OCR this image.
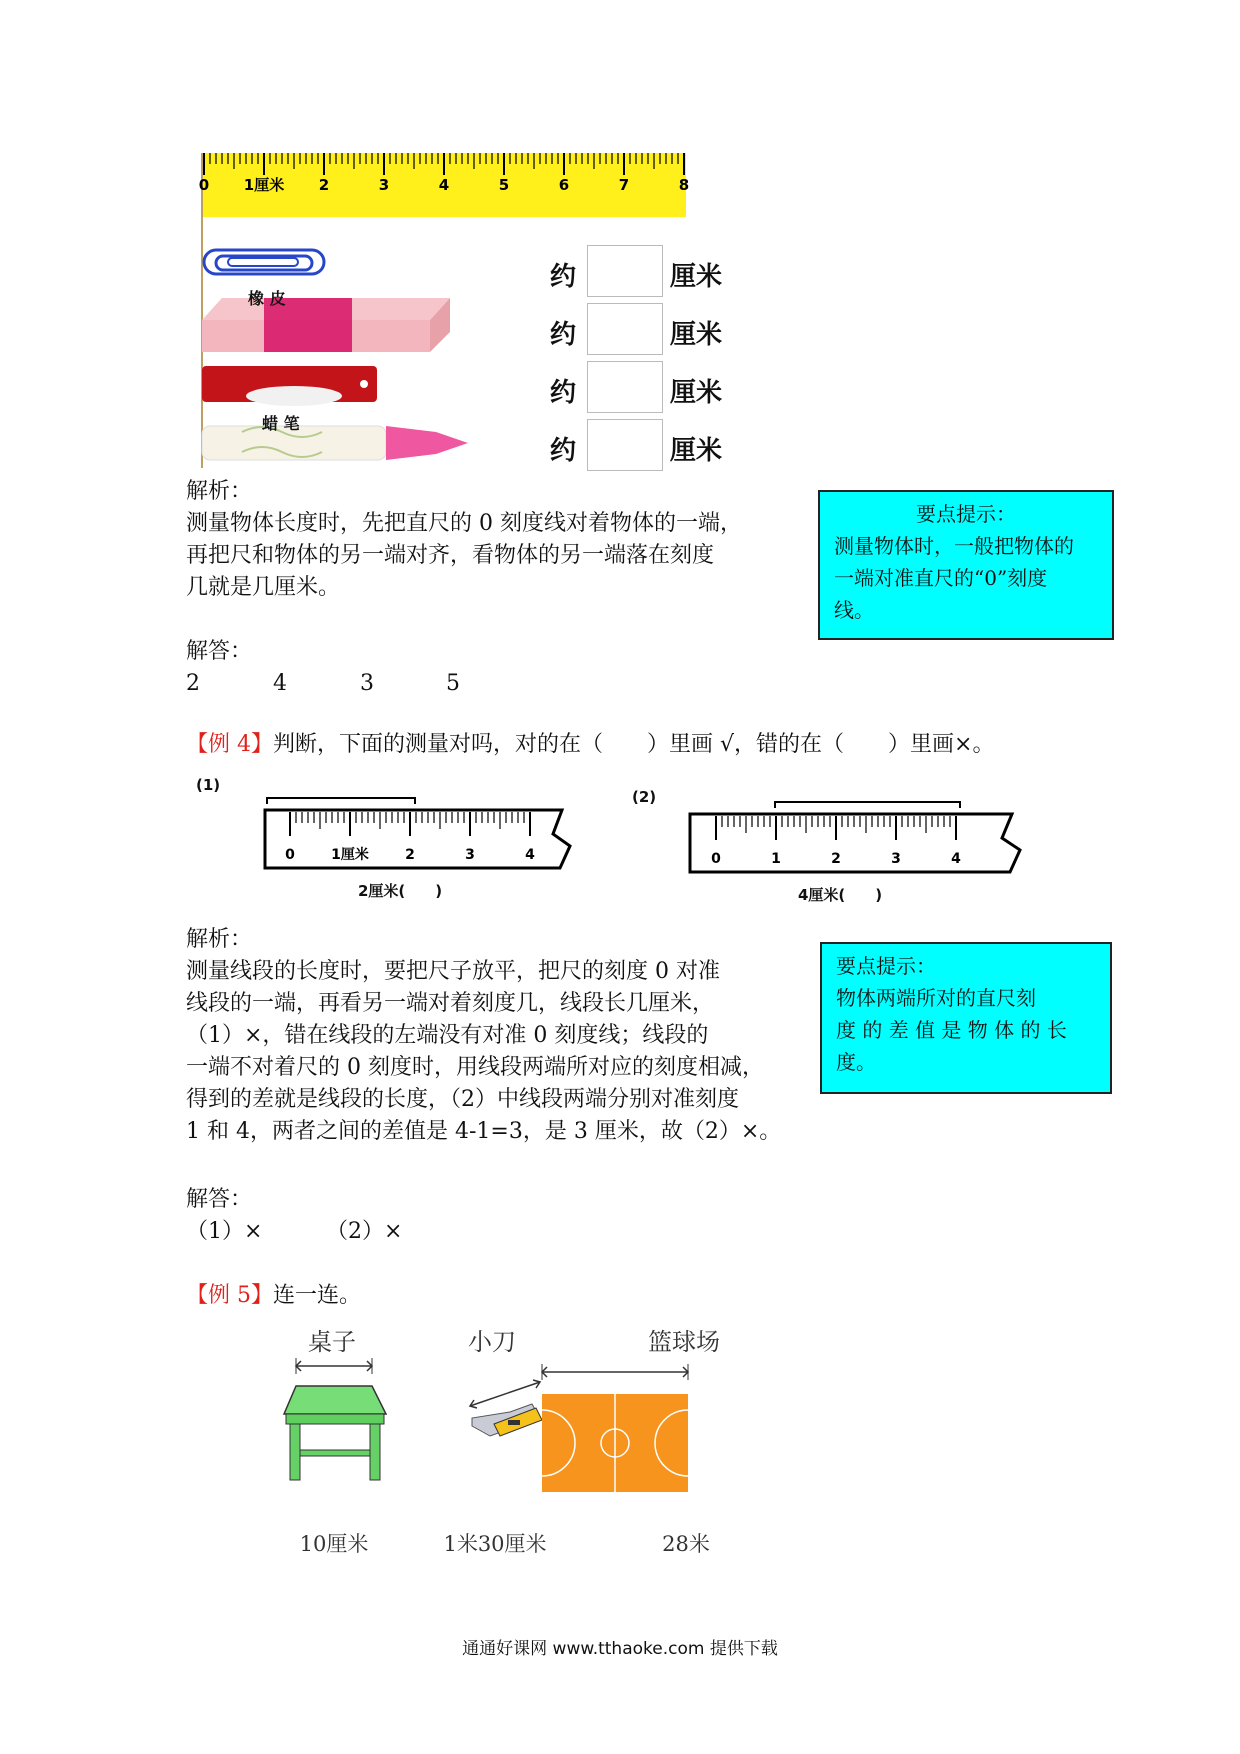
0 1厘米 2	3	4	5	6	7	8
橡 皮
蜡 笔
约	厘米
约	厘米
约	厘米
约	厘米
解析：
测量物体长度时，先把直尺的 0 刻度线对着物体的一端，
再把尺和物体的另一端对齐，看物体的另一端落在刻度
几就是几厘米。
要点提示：
测量物体时，一般把物体的
一端对准直尺的“0”刻度
线。
解答：
2	4	3	5
【例 4】判断，下面的测量对吗，对的在（　　）里画 √，错的在（　　）里画×。
(1)
0	1厘米	2	3	4
2厘米(　　)
(2)
0	1	2	3	4
4厘米(　　)
解析：
测量线段的长度时，要把尺子放平，把尺的刻度 0 对准
线段的一端，再看另一端对着刻度几，线段长几厘米，
（1）×，错在线段的左端没有对准 0 刻度线；线段的
一端不对着尺的 0 刻度时，用线段两端所对应的刻度相减，
得到的差就是线段的长度，（2）中线段两端分别对准刻度
1 和 4，两者之间的差值是 4-1=3，是 3 厘米，故（2）×。
要点提示：
物体两端所对的直尺刻
度 的 差 值 是 物 体 的 长
度。
解答：
（1）×	（2）×
【例 5】连一连。
桌子	小刀	篮球场
10厘米	1米30厘米	28米
通通好课网 www.tthaoke.com 提供下载
